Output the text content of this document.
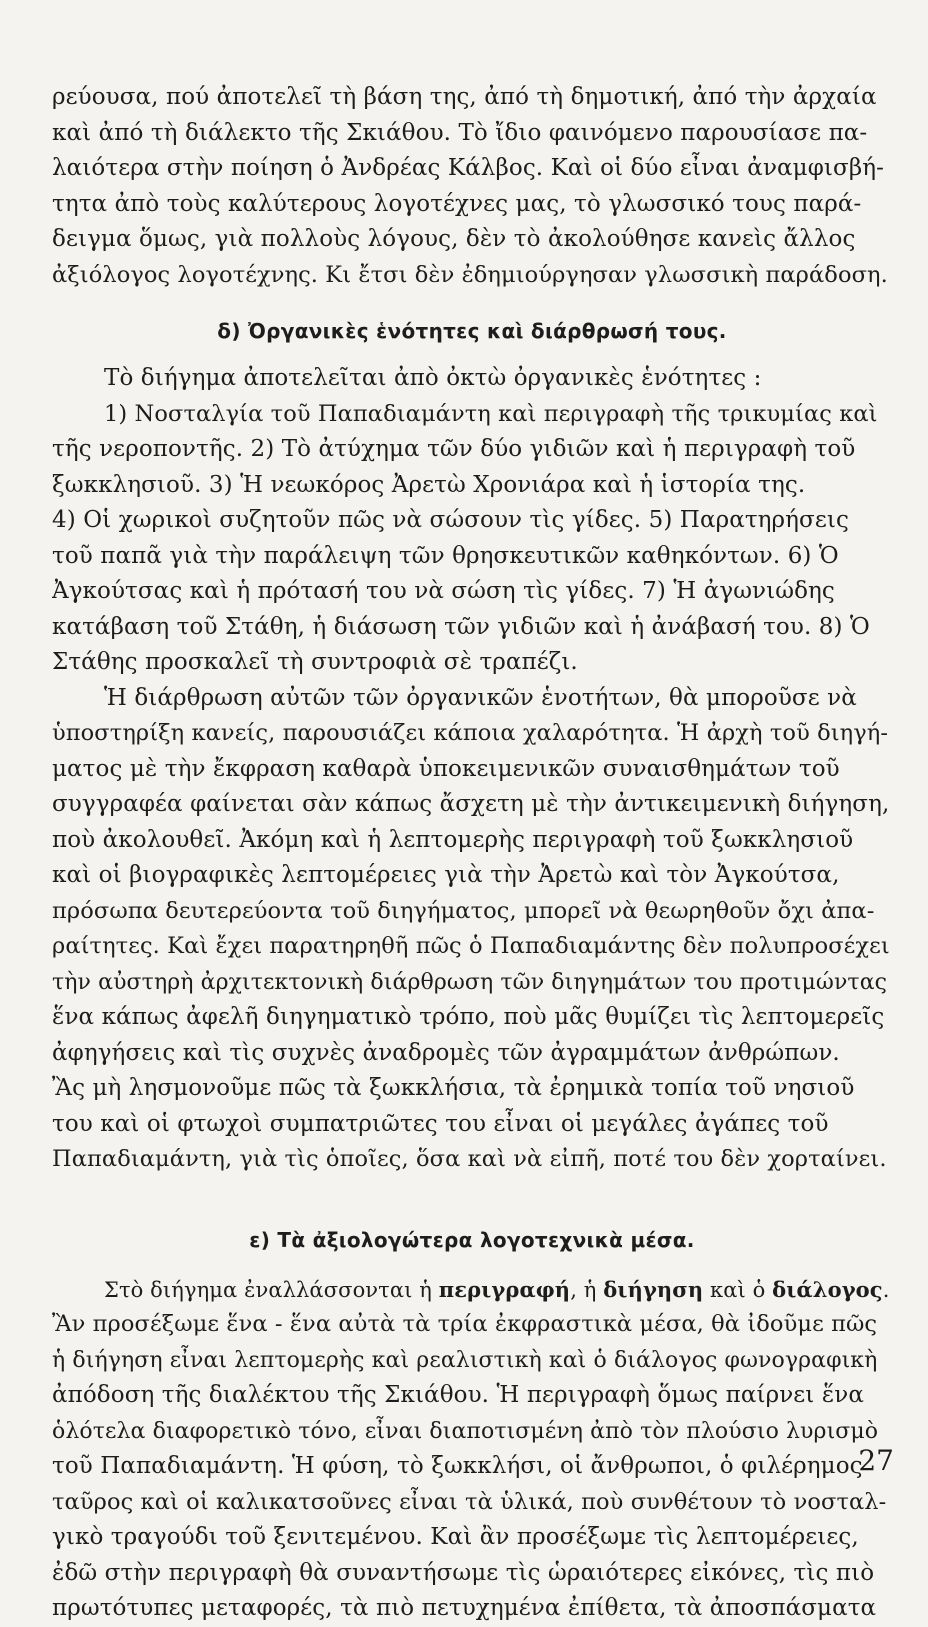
ρεύουσα, πού ἀποτελεῖ τὴ βάση της, ἀπό τὴ δημοτική, ἀπό τὴν ἀρχαία
καὶ ἀπό τὴ διάλεκτο τῆς Σκιάθου. Τὸ ἴδιο φαινόμενο παρουσίασε πα-
λαιότερα στὴν ποίηση ὁ Ἀνδρέας Κάλβος. Καὶ οἱ δύο εἶναι ἀναμφισβή-
τητα ἀπὸ τοὺς καλύτερους λογοτέχνες μας, τὸ γλωσσικό τους παρά-
δειγμα ὅμως, γιὰ πολλοὺς λόγους, δὲν τὸ ἀκολούθησε κανεὶς ἄλλος
ἀξιόλογος λογοτέχνης. Κι ἔτσι δὲν ἐδημιούργησαν γλωσσικὴ παράδοση.
δ) Ὀργανικὲς ἑνότητες καὶ διάρθρωσή τους.
Τὸ διήγημα ἀποτελεῖται ἀπὸ ὀκτὼ ὀργανικὲς ἑνότητες :
1) Νοσταλγία τοῦ Παπαδιαμάντη καὶ περιγραφὴ τῆς τρικυμίας καὶ
τῆς νεροποντῆς. 2) Τὸ ἀτύχημα τῶν δύο γιδιῶν καὶ ἡ περιγραφὴ τοῦ
ξωκκλησιοῦ. 3) Ἡ νεωκόρος Ἀρετὼ Χρονιάρα καὶ ἡ ἱστορία της.
4) Οἱ χωρικοὶ συζητοῦν πῶς νὰ σώσουν τὶς γίδες. 5) Παρατηρήσεις
τοῦ παπᾶ γιὰ τὴν παράλειψη τῶν θρησκευτικῶν καθηκόντων. 6) Ὁ
Ἀγκούτσας καὶ ἡ πρότασή του νὰ σώση τὶς γίδες. 7) Ἡ ἀγωνιώδης
κατάβαση τοῦ Στάθη, ἡ διάσωση τῶν γιδιῶν καὶ ἡ ἀνάβασή του. 8) Ὁ
Στάθης προσκαλεῖ τὴ συντροφιὰ σὲ τραπέζι.
Ἡ διάρθρωση αὐτῶν τῶν ὀργανικῶν ἑνοτήτων, θὰ μποροῦσε νὰ
ὑποστηρίξη κανείς, παρουσιάζει κάποια χαλαρότητα. Ἡ ἀρχὴ τοῦ διηγή-
ματος μὲ τὴν ἔκφραση καθαρὰ ὑποκειμενικῶν συναισθημάτων τοῦ
συγγραφέα φαίνεται σὰν κάπως ἄσχετη μὲ τὴν ἀντικειμενικὴ διήγηση,
ποὺ ἀκολουθεῖ. Ἀκόμη καὶ ἡ λεπτομερὴς περιγραφὴ τοῦ ξωκκλησιοῦ
καὶ οἱ βιογραφικὲς λεπτομέρειες γιὰ τὴν Ἀρετὼ καὶ τὸν Ἀγκούτσα,
πρόσωπα δευτερεύοντα τοῦ διηγήματος, μπορεῖ νὰ θεωρηθοῦν ὄχι ἀπα-
ραίτητες. Καὶ ἔχει παρατηρηθῆ πῶς ὁ Παπαδιαμάντης δὲν πολυπροσέχει
τὴν αὐστηρὴ ἀρχιτεκτονικὴ διάρθρωση τῶν διηγημάτων του προτιμώντας
ἕνα κάπως ἀφελῆ διηγηματικὸ τρόπο, ποὺ μᾶς θυμίζει τὶς λεπτομερεῖς
ἀφηγήσεις καὶ τὶς συχνὲς ἀναδρομὲς τῶν ἀγραμμάτων ἀνθρώπων.
Ἂς μὴ λησμονοῦμε πῶς τὰ ξωκκλήσια, τὰ ἐρημικὰ τοπία τοῦ νησιοῦ
του καὶ οἱ φτωχοὶ συμπατριῶτες του εἶναι οἱ μεγάλες ἀγάπες τοῦ
Παπαδιαμάντη, γιὰ τὶς ὁποῖες, ὅσα καὶ νὰ εἰπῆ, ποτέ του δὲν χορταίνει.
ε) Τὰ ἀξιολογώτερα λογοτεχνικὰ μέσα.
Στὸ διήγημα ἐναλλάσσονται ἡ περιγραφή, ἡ διήγηση καὶ ὁ διάλογος.
Ἂν προσέξωμε ἕνα - ἕνα αὐτὰ τὰ τρία ἐκφραστικὰ μέσα, θὰ ἰδοῦμε πῶς
ἡ διήγηση εἶναι λεπτομερὴς καὶ ρεαλιστικὴ καὶ ὁ διάλογος φωνογραφικὴ
ἀπόδοση τῆς διαλέκτου τῆς Σκιάθου. Ἡ περιγραφὴ ὅμως παίρνει ἕνα
ὁλότελα διαφορετικὸ τόνο, εἶναι διαποτισμένη ἀπὸ τὸν πλούσιο λυρισμὸ
τοῦ Παπαδιαμάντη. Ἡ φύση, τὸ ξωκκλήσι, οἱ ἄνθρωποι, ὁ φιλέρημος
ταῦρος καὶ οἱ καλικατσοῦνες εἶναι τὰ ὑλικά, ποὺ συνθέτουν τὸ νοσταλ-
γικὸ τραγούδι τοῦ ξενιτεμένου. Καὶ ἂν προσέξωμε τὶς λεπτομέρειες,
ἐδῶ στὴν περιγραφὴ θὰ συναντήσωμε τὶς ὡραιότερες εἰκόνες, τὶς πιὸ
πρωτότυπες μεταφορές, τὰ πιὸ πετυχημένα ἐπίθετα, τὰ ἀποσπάσματα
27
